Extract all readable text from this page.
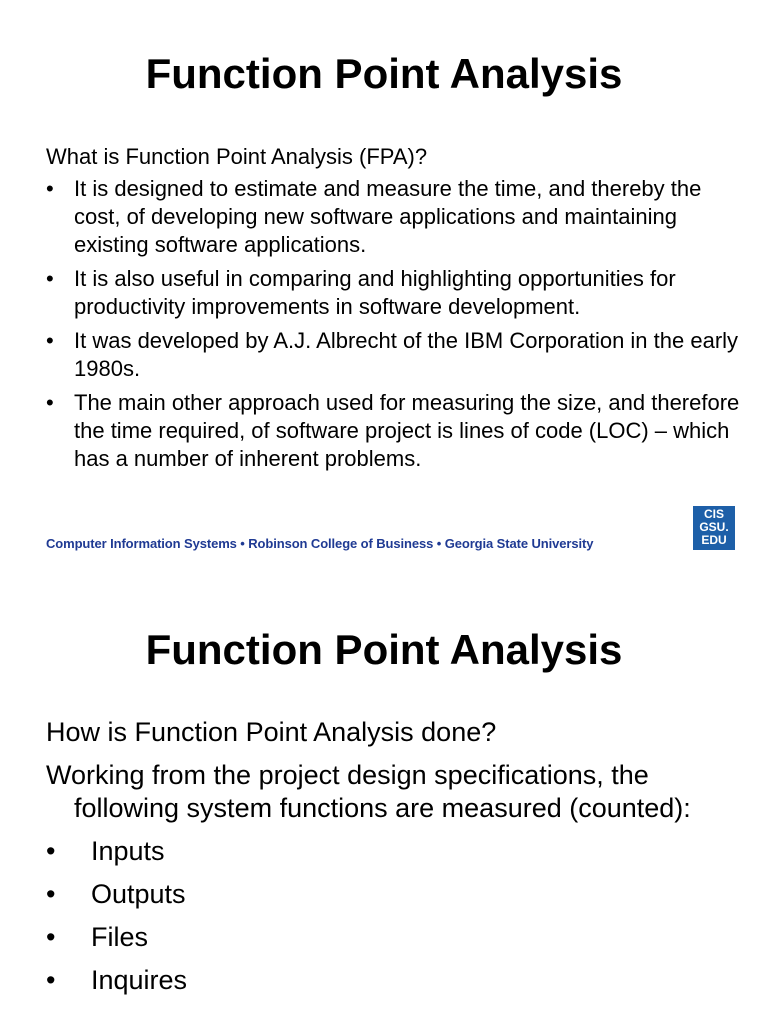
Function Point Analysis

What is Function Point Analysis (FPA)?

• It is designed to estimate and measure the time, and thereby the cost, of developing new software applications and maintaining existing software applications.
• It is also useful in comparing and highlighting opportunities for productivity improvements in software development.
• It was developed by A.J. Albrecht of the IBM Corporation in the early 1980s.
• The main other approach used for measuring the size, and therefore the time required, of software project is lines of code (LOC) – which has a number of inherent problems.
Computer Information Systems • Robinson College of Business • Georgia State University
CIS
GSU.
EDU
Function Point Analysis

How is Function Point Analysis done?

Working from the project design specifications, the following system functions are measured (counted):

•	Inputs
•	Outputs
•	Files
•	Inquires
